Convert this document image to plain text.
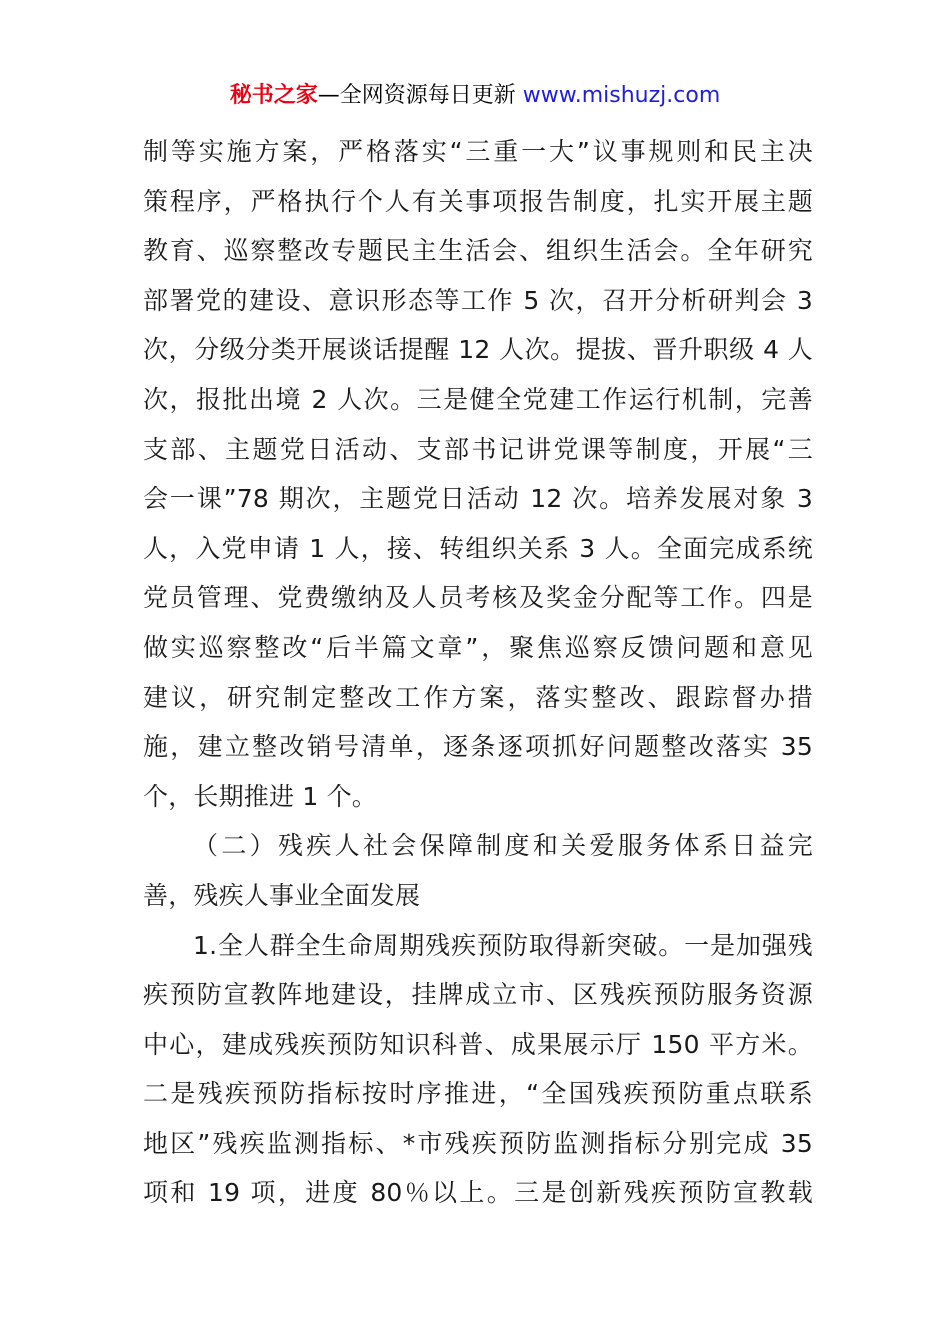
秘书之家—全网资源每日更新 www.mishuzj.com
制等实施方案，严格落实“三重一大”议事规则和民主决
策程序，严格执行个人有关事项报告制度，扎实开展主题
教育、巡察整改专题民主生活会、组织生活会。全年研究
部署党的建设、意识形态等工作 5 次，召开分析研判会 3
次，分级分类开展谈话提醒 12 人次。提拔、晋升职级 4 人
次，报批出境 2 人次。三是健全党建工作运行机制，完善
支部、主题党日活动、支部书记讲党课等制度，开展“三
会一课”78 期次，主题党日活动 12 次。培养发展对象 3
人，入党申请 1 人，接、转组织关系 3 人。全面完成系统
党员管理、党费缴纳及人员考核及奖金分配等工作。四是
做实巡察整改“后半篇文章”，聚焦巡察反馈问题和意见
建议，研究制定整改工作方案，落实整改、跟踪督办措
施，建立整改销号清单，逐条逐项抓好问题整改落实 35
个，长期推进 1 个。
（二）残疾人社会保障制度和关爱服务体系日益完
善，残疾人事业全面发展
1.全人群全生命周期残疾预防取得新突破。一是加强残
疾预防宣教阵地建设，挂牌成立市、区残疾预防服务资源
中心，建成残疾预防知识科普、成果展示厅 150 平方米。
二是残疾预防指标按时序推进，“全国残疾预防重点联系
地区”残疾监测指标、*市残疾预防监测指标分别完成 35
项和 19 项，进度 80％以上。三是创新残疾预防宣教载
